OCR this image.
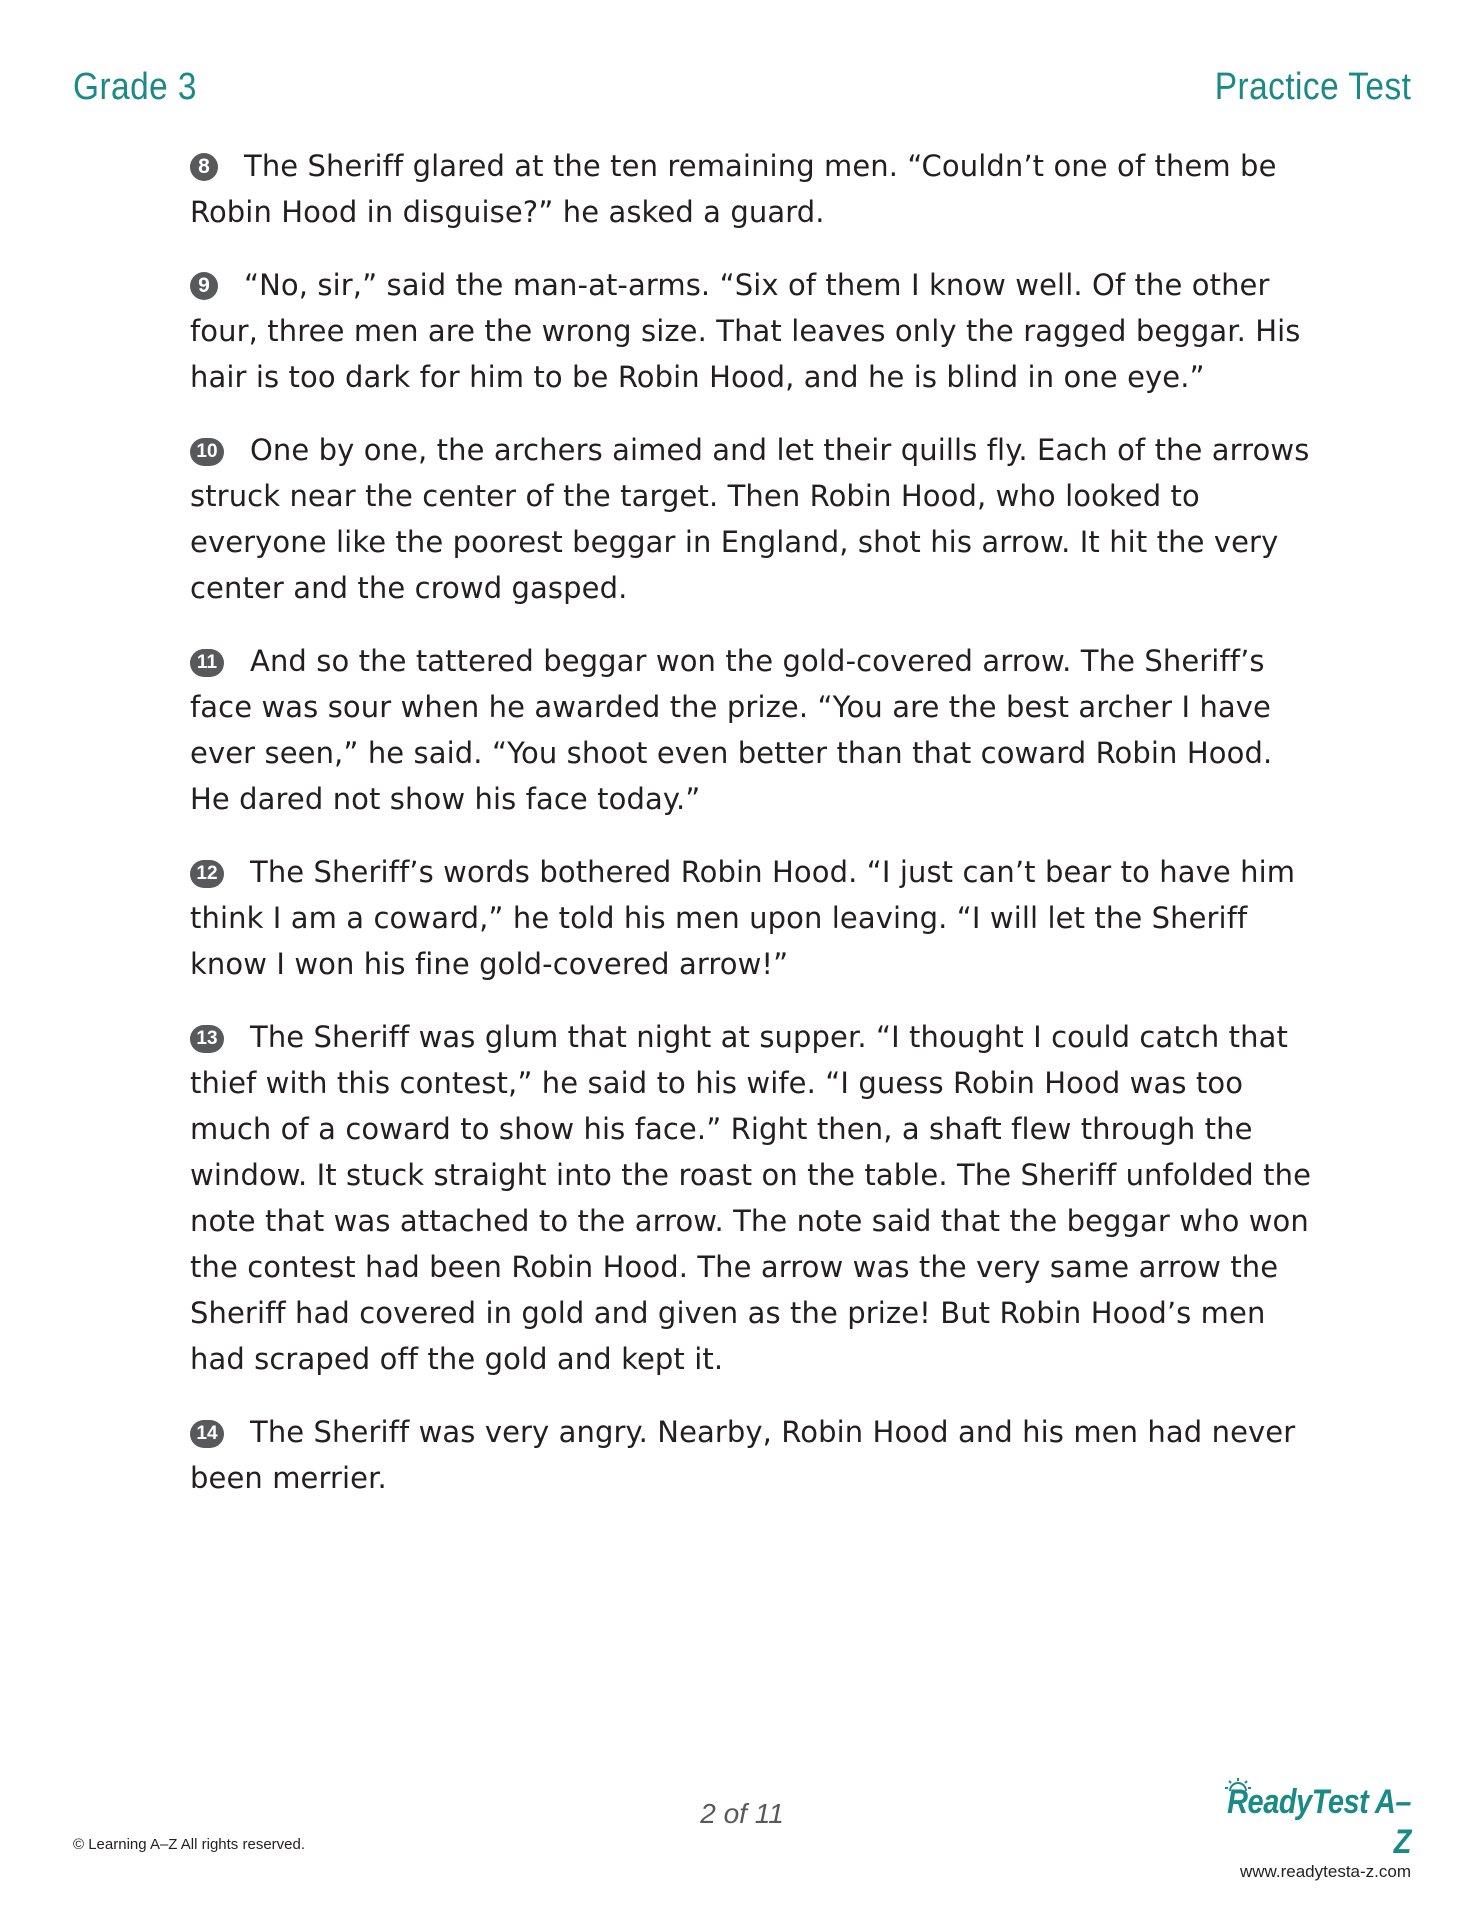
Grade 3	Practice Test

8 The Sheriff glared at the ten remaining men. “Couldn’t one of them be Robin Hood in disguise?” he asked a guard.

9 “No, sir,” said the man-at-arms. “Six of them I know well. Of the other four, three men are the wrong size. That leaves only the ragged beggar. His hair is too dark for him to be Robin Hood, and he is blind in one eye.”

10 One by one, the archers aimed and let their quills fly. Each of the arrows struck near the center of the target. Then Robin Hood, who looked to everyone like the poorest beggar in England, shot his arrow. It hit the very center and the crowd gasped.

11 And so the tattered beggar won the gold-covered arrow. The Sheriff’s face was sour when he awarded the prize. “You are the best archer I have ever seen,” he said. “You shoot even better than that coward Robin Hood. He dared not show his face today.”

12 The Sheriff’s words bothered Robin Hood. “I just can’t bear to have him think I am a coward,” he told his men upon leaving. “I will let the Sheriff know I won his fine gold-covered arrow!”

13 The Sheriff was glum that night at supper. “I thought I could catch that thief with this contest,” he said to his wife. “I guess Robin Hood was too much of a coward to show his face.” Right then, a shaft flew through the window. It stuck straight into the roast on the table. The Sheriff unfolded the note that was attached to the arrow. The note said that the beggar who won the contest had been Robin Hood. The arrow was the very same arrow the Sheriff had covered in gold and given as the prize! But Robin Hood’s men had scraped off the gold and kept it.

14 The Sheriff was very angry. Nearby, Robin Hood and his men had never been merrier.

2 of 11
© Learning A–Z All rights reserved.
ReadyTest A–Z
www.readytesta-z.com
